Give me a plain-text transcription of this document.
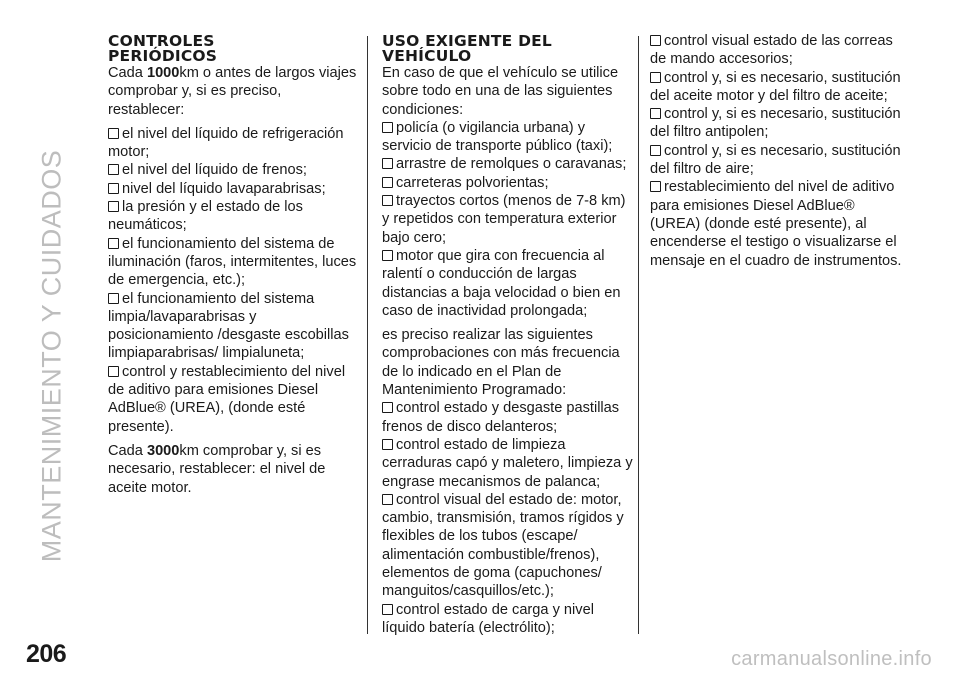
MANTENIMIENTO Y CUIDADOS
206
CONTROLES
PERIÓDICOS

Cada 1000km o antes de largos viajes comprobar y, si es preciso, restablecer:

el nivel del líquido de refrigeración motor;
el nivel del líquido de frenos;
nivel del líquido lavaparabrisas;
la presión y el estado de los neumáticos;
el funcionamiento del sistema de iluminación (faros, intermitentes, luces de emergencia, etc.);
el funcionamiento del sistema limpia/lavaparabrisas y posicionamiento /desgaste escobillas limpiaparabrisas/ limpialuneta;
control y restablecimiento del nivel de aditivo para emisiones Diesel AdBlue® (UREA), (donde esté presente).

Cada 3000km comprobar y, si es necesario, restablecer: el nivel de aceite motor.

USO EXIGENTE DEL
VEHÍCULO

En caso de que el vehículo se utilice sobre todo en una de las siguientes condiciones:

policía (o vigilancia urbana) y servicio de transporte público (taxi);
arrastre de remolques o caravanas;
carreteras polvorientas;
trayectos cortos (menos de 7-8 km) y repetidos con temperatura exterior bajo cero;
motor que gira con frecuencia al ralentí o conducción de largas distancias a baja velocidad o bien en caso de inactividad prolongada;

es preciso realizar las siguientes comprobaciones con más frecuencia de lo indicado en el Plan de Mantenimiento Programado:

control estado y desgaste pastillas frenos de disco delanteros;
control estado de limpieza cerraduras capó y maletero, limpieza y engrase mecanismos de palanca;
control visual del estado de: motor, cambio, transmisión, tramos rígidos y flexibles de los tubos (escape/ alimentación combustible/frenos), elementos de goma (capuchones/ manguitos/casquillos/etc.);
control estado de carga y nivel líquido batería (electrólito);
control visual estado de las correas de mando accesorios;
control y, si es necesario, sustitución del aceite motor y del filtro de aceite;
control y, si es necesario, sustitución del filtro antipolen;
control y, si es necesario, sustitución del filtro de aire;
restablecimiento del nivel de aditivo para emisiones Diesel AdBlue® (UREA) (donde esté presente), al encenderse el testigo o visualizarse el mensaje en el cuadro de instrumentos.
carmanualsonline.info
